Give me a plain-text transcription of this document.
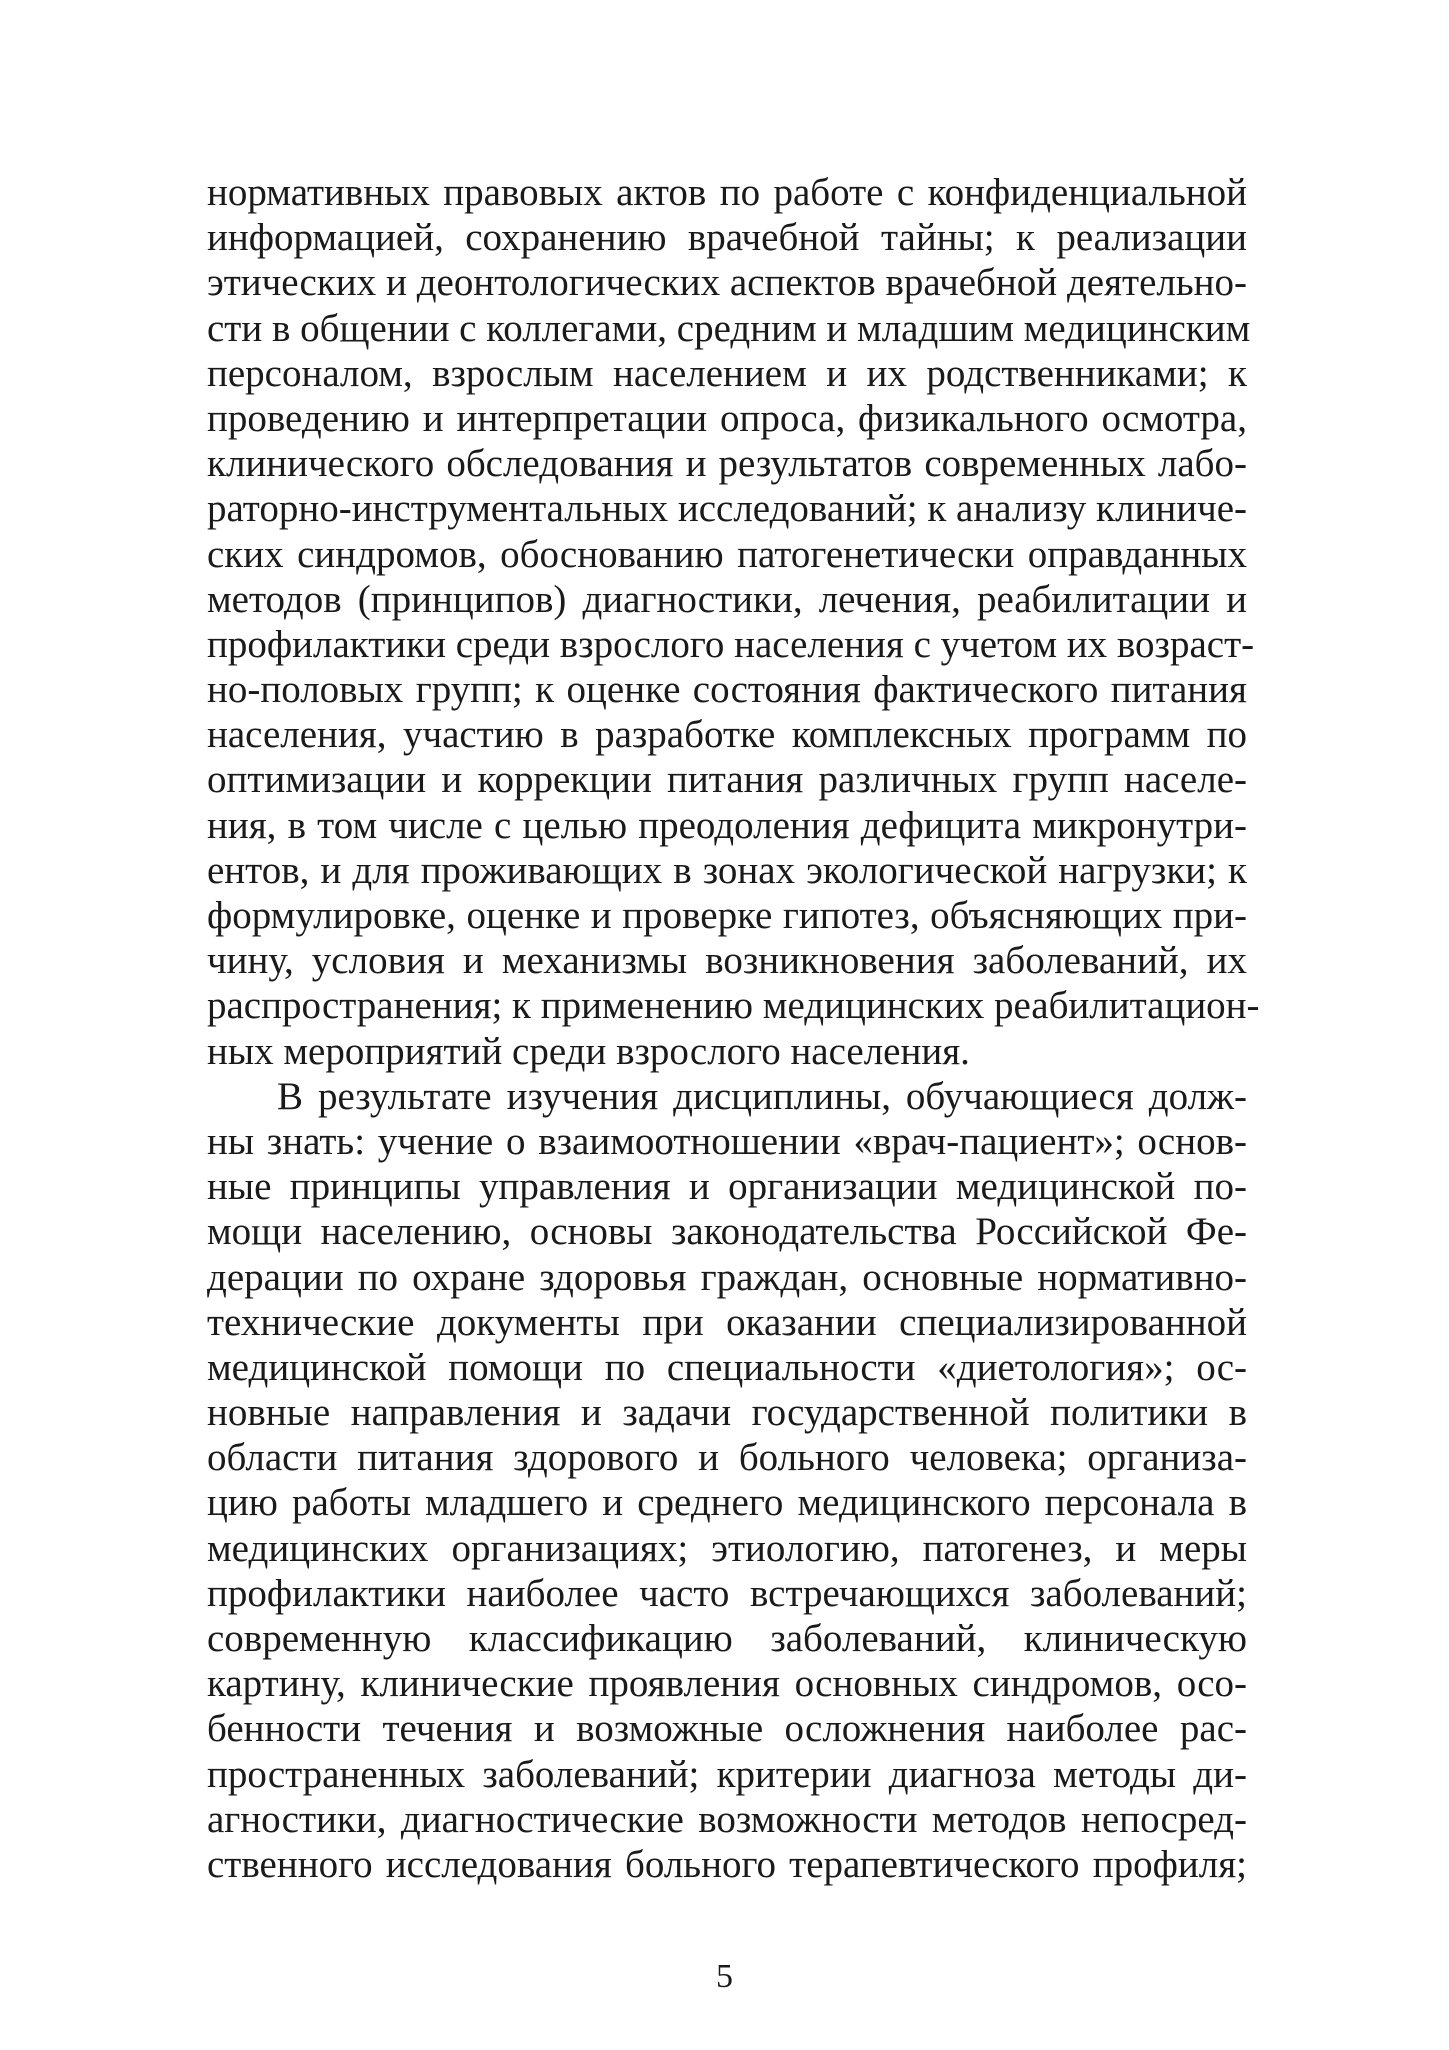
нормативных правовых актов по работе с конфиденциальной
информацией, сохранению врачебной тайны; к реализации
этических и деонтологических аспектов врачебной деятельно-
сти в общении с коллегами, средним и младшим медицинским
персоналом, взрослым населением и их родственниками; к
проведению и интерпретации опроса, физикального осмотра,
клинического обследования и результатов современных лабо-
раторно-инструментальных исследований; к анализу клиниче-
ских синдромов, обоснованию патогенетически оправданных
методов (принципов) диагностики, лечения, реабилитации и
профилактики среди взрослого населения с учетом их возраст-
но-половых групп; к оценке состояния фактического питания
населения, участию в разработке комплексных программ по
оптимизации и коррекции питания различных групп населе-
ния, в том числе с целью преодоления дефицита микронутри-
ентов, и для проживающих в зонах экологической нагрузки; к
формулировке, оценке и проверке гипотез, объясняющих при-
чину, условия и механизмы возникновения заболеваний, их
распространения; к применению медицинских реабилитацион-
ных мероприятий среди взрослого населения.
В результате изучения дисциплины, обучающиеся долж-
ны знать: учение о взаимоотношении «врач-пациент»; основ-
ные принципы управления и организации медицинской по-
мощи населению, основы законодательства Российской Фе-
дерации по охране здоровья граждан, основные нормативно-
технические документы при оказании специализированной
медицинской помощи по специальности «диетология»; ос-
новные направления и задачи государственной политики в
области питания здорового и больного человека; организа-
цию работы младшего и среднего медицинского персонала в
медицинских организациях; этиологию, патогенез, и меры
профилактики наиболее часто встречающихся заболеваний;
современную классификацию заболеваний, клиническую
картину, клинические проявления основных синдромов, осо-
бенности течения и возможные осложнения наиболее рас-
пространенных заболеваний; критерии диагноза методы ди-
агностики, диагностические возможности методов непосред-
ственного исследования больного терапевтического профиля;
5
